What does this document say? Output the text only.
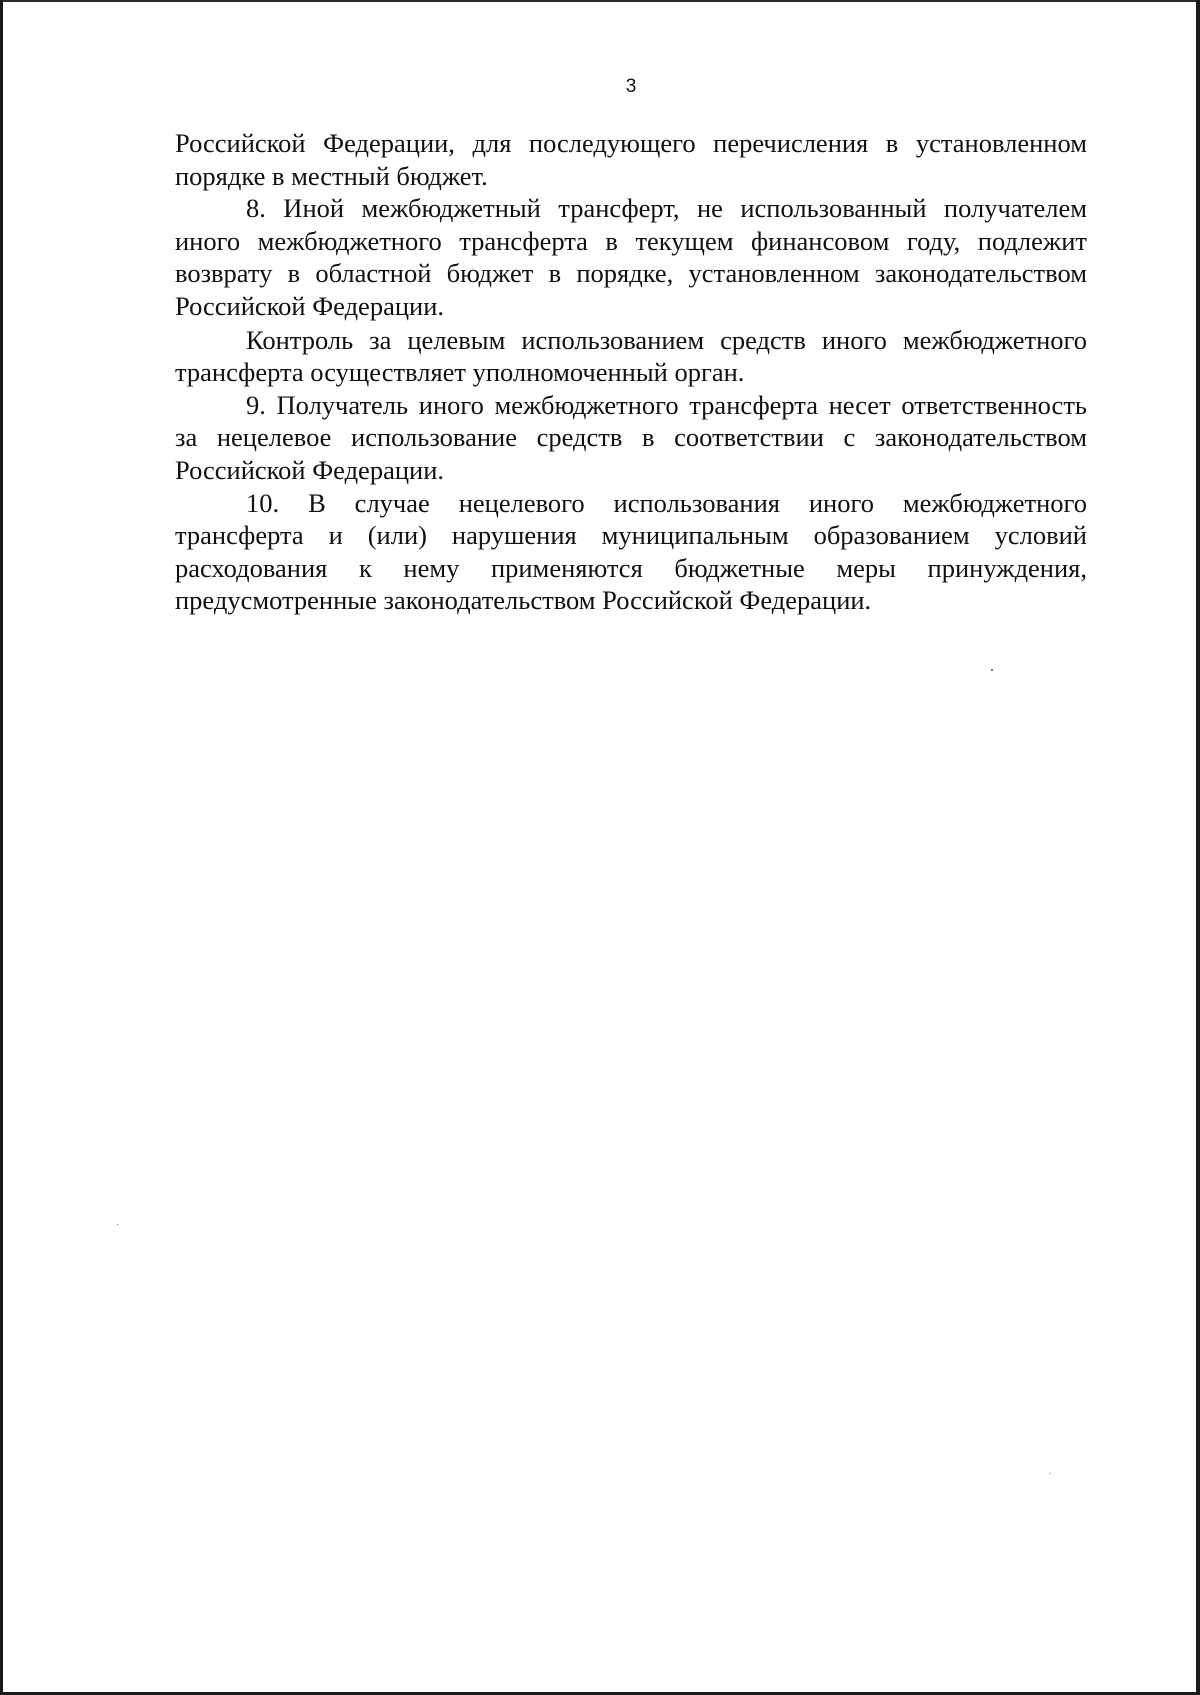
3

Российской Федерации, для последующего перечисления в установленном порядке в местный бюджет.

8. Иной межбюджетный трансферт, не использованный получателем иного межбюджетного трансферта в текущем финансовом году, подлежит возврату в областной бюджет в порядке, установленном законодательством Российской Федерации.

Контроль за целевым использованием средств иного межбюджетного трансферта осуществляет уполномоченный орган.

9. Получатель иного межбюджетного трансферта несет ответственность за нецелевое использование средств в соответствии с законодательством Российской Федерации.

10. В случае нецелевого использования иного межбюджетного трансферта и (или) нарушения муниципальным образованием условий расходования к нему применяются бюджетные меры принуждения, предусмотренные законодательством Российской Федерации.
